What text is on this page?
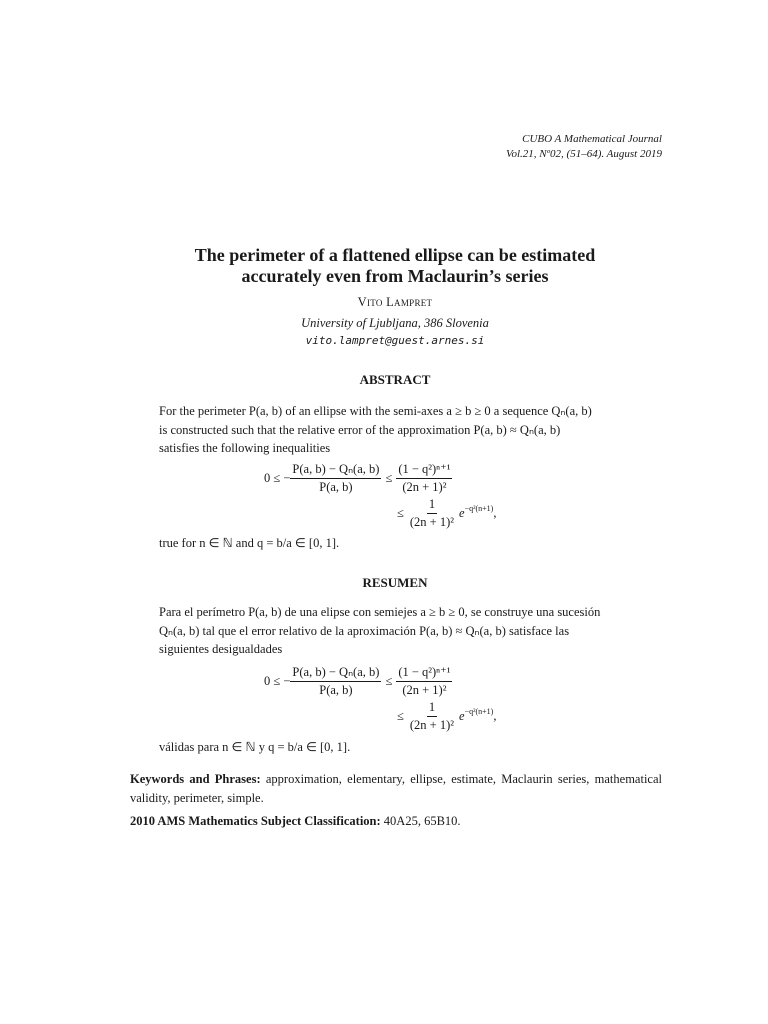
CUBO A Mathematical Journal
Vol.21, Nº02, (51–64). August 2019
The perimeter of a flattened ellipse can be estimated
accurately even from Maclaurin’s series
Vito Lampret
University of Ljubljana, 386 Slovenia
vito.lampret@guest.arnes.si
ABSTRACT
For the perimeter P(a, b) of an ellipse with the semi-axes a ≥ b ≥ 0 a sequence Qₙ(a, b)
is constructed such that the relative error of the approximation P(a, b) ≈ Qₙ(a, b)
satisfies the following inequalities
0 ≤ − $\frac{\text{P(a, b) − Qₙ(a, b)}}{P(a, b)} \le \frac{\text{(1 − q²)ⁿ⁺¹}}{\text{(2n + 1)²}}$
≤ $\frac{1}{\text{(2n + 1)²}} e^{-q^2(n+1)}$ ,
true for n ∈ ℕ and q = b/a ∈ [0, 1].
RESUMEN
Para el perímetro P(a, b) de una elipse con semiejes a ≥ b ≥ 0, se construye una sucesión
Qₙ(a, b) tal que el error relativo de la aproximación P(a, b) ≈ Qₙ(a, b) satisface las
siguientes desigualdades
0 ≤ − $\frac{\text{P(a, b) − Qₙ(a, b)}}{P(a, b)} \le \frac{\text{(1 − q²)ⁿ⁺¹}}{\text{(2n + 1)²}}$
≤ $\frac{1}{\text{(2n + 1)²}} e^{-q^2(n+1)}$ ,
válidas para n ∈ ℕ y q = b/a ∈ [0, 1].
Keywords and Phrases: approximation, elementary, ellipse, estimate, Maclaurin series, mathematical validity, perimeter, simple.
2010 AMS Mathematics Subject Classification: 40A25, 65B10.
